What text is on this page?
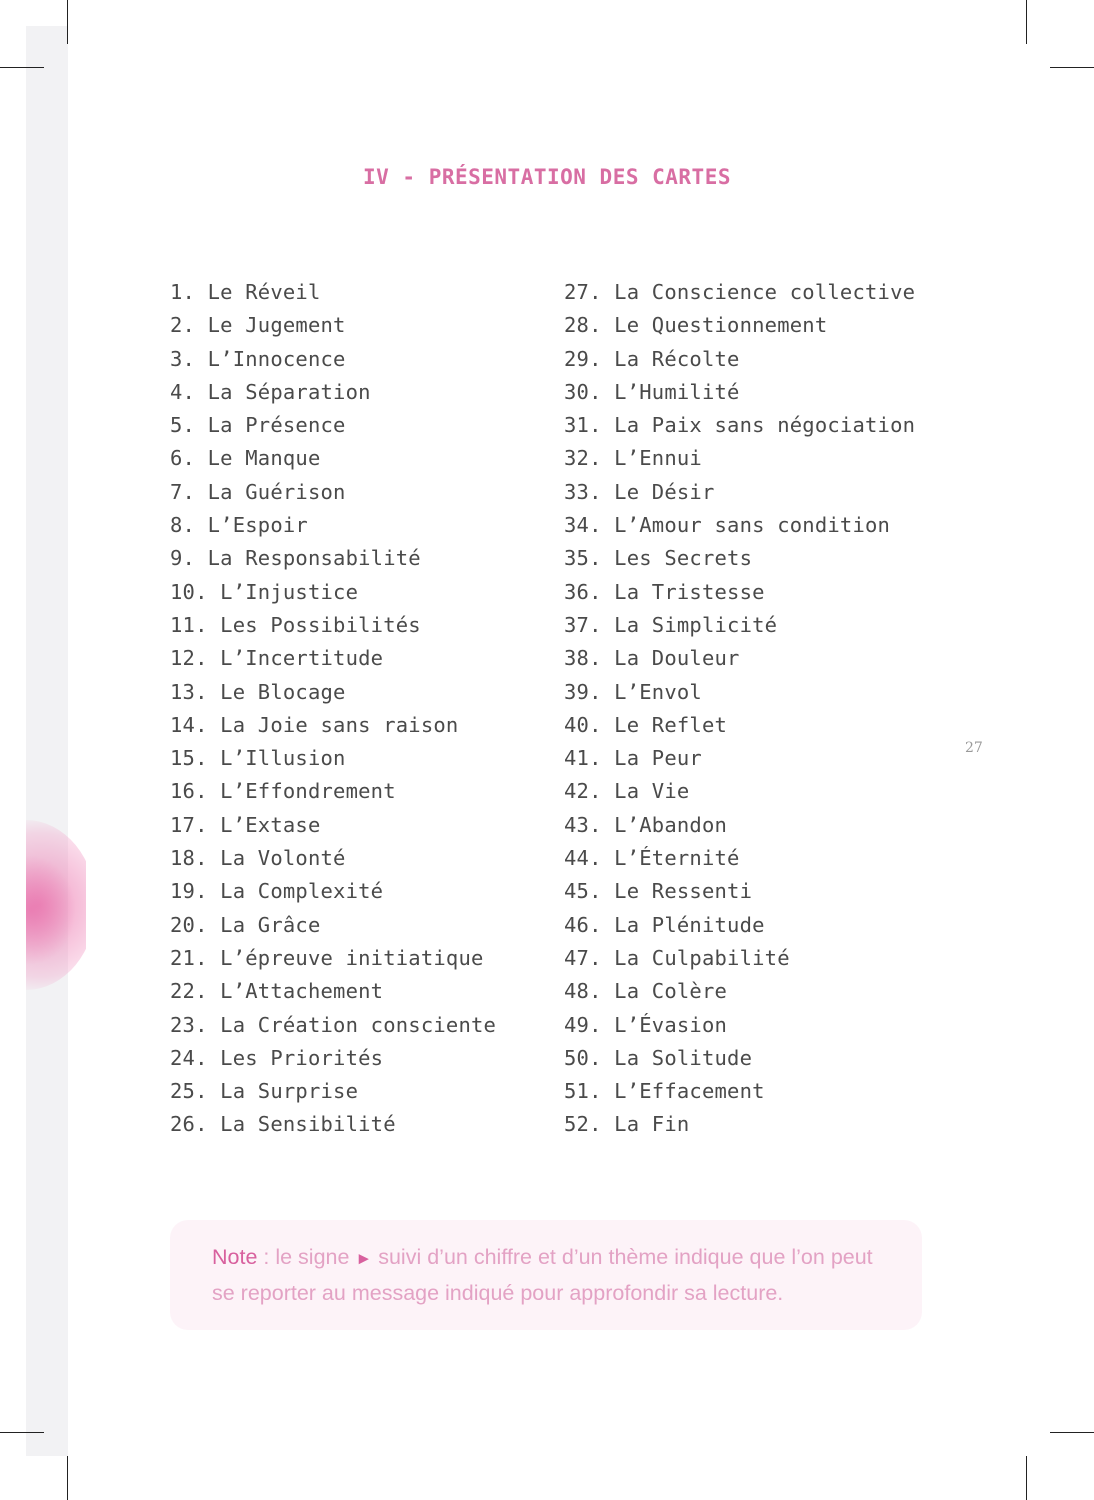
IV - PRÉSENTATION DES CARTES
1. Le Réveil
2. Le Jugement
3. L’Innocence
4. La Séparation
5. La Présence
6. Le Manque
7. La Guérison
8. L’Espoir
9. La Responsabilité
10. L’Injustice
11. Les Possibilités
12. L’Incertitude
13. Le Blocage
14. La Joie sans raison
15. L’Illusion
16. L’Effondrement
17. L’Extase
18. La Volonté
19. La Complexité
20. La Grâce
21. L’épreuve initiatique
22. L’Attachement
23. La Création consciente
24. Les Priorités
25. La Surprise
26. La Sensibilité
27. La Conscience collective
28. Le Questionnement
29. La Récolte
30. L’Humilité
31. La Paix sans négociation
32. L’Ennui
33. Le Désir
34. L’Amour sans condition
35. Les Secrets
36. La Tristesse
37. La Simplicité
38. La Douleur
39. L’Envol
40. Le Reflet
41. La Peur
42. La Vie
43. L’Abandon
44. L’Éternité
45. Le Ressenti
46. La Plénitude
47. La Culpabilité
48. La Colère
49. L’Évasion
50. La Solitude
51. L’Effacement
52. La Fin
27
Note : le signe ► suivi d’un chiffre et d’un thème indique que l’on peut se reporter au message indiqué pour approfondir sa lecture.
